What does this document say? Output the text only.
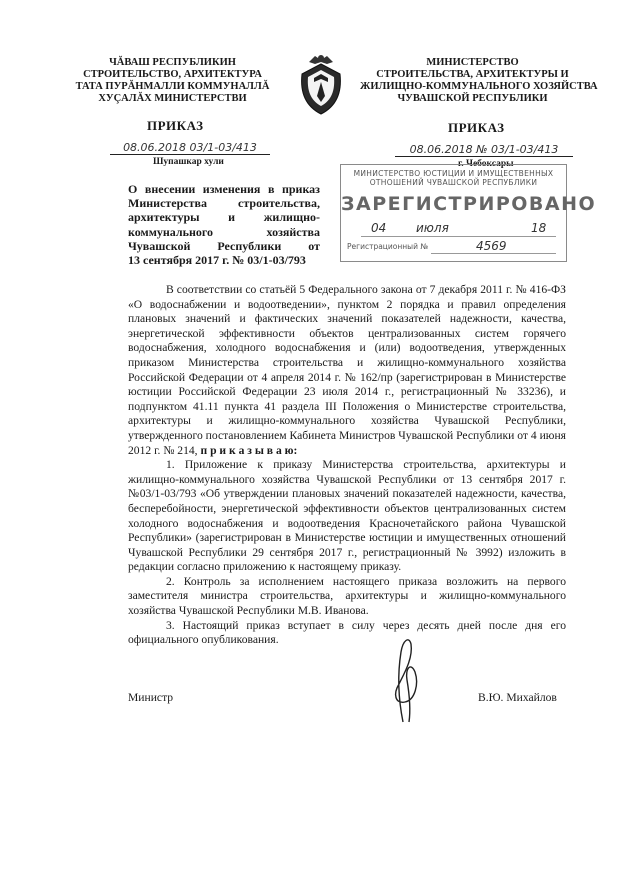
ЧĂВАШ РЕСПУБЛИКИН
СТРОИТЕЛЬСТВО, АРХИТЕКТУРА
ТАТА ПУРĂНМАЛЛИ КОММУНАЛЛĂ
ХУÇАЛĂХ МИНИСТЕРСТВИ
ПРИКАЗ
08.06.2018 03/1-03/413
Шупашкар хули
МИНИСТЕРСТВО
СТРОИТЕЛЬСТВА, АРХИТЕКТУРЫ И
ЖИЛИЩНО-КОММУНАЛЬНОГО ХОЗЯЙСТВА
ЧУВАШСКОЙ РЕСПУБЛИКИ
ПРИКАЗ
08.06.2018 № 03/1-03/413
г. Чебоксары
О внесении изменения в приказ
Министерства строительства,
архитектуры и жилищно-
коммунального хозяйства
Чувашской Республики от
13 сентября 2017 г. № 03/1-03/793
МИНИСТЕРСТВО ЮСТИЦИИ И ИМУЩЕСТВЕННЫХ
ОТНОШЕНИЙ ЧУВАШСКОЙ РЕСПУБЛИКИ
ЗАРЕГИСТРИРОВАНО
04 июля	18
Регистрационный №	4569

В соответствии со статьёй 5 Федерального закона от 7 декабря 2011 г. № 416-ФЗ «О водоснабжении и водоотведении», пунктом 2 порядка и правил определения плановых значений и фактических значений показателей надежности, качества, энергетической эффективности объектов централизованных систем горячего водоснабжения, холодного водоснабжения и (или) водоотведения, утвержденных приказом Министерства строительства и жилищно-коммунального хозяйства Российской Федерации от 4 апреля 2014 г. № 162/пр (зарегистрирован в Министерстве юстиции Российской Федерации 23 июля 2014 г., регистрационный № 33236), и подпунктом 41.11 пункта 41 раздела III Положения о Министерстве строительства, архитектуры и жилищно-коммунального хозяйства Чувашской Республики, утвержденного постановлением Кабинета Министров Чувашской Республики от 4 июня 2012 г. № 214, п р и к а з ы в а ю:

1. Приложение к приказу Министерства строительства, архитектуры и жилищно-коммунального хозяйства Чувашской Республики от 13 сентября 2017 г. №03/1-03/793 «Об утверждении плановых значений показателей надежности, качества, бесперебойности, энергетической эффективности объектов централизованных систем холодного водоснабжения и водоотведения Красночетайского района Чувашской Республики» (зарегистрирован в Министерстве юстиции и имущественных отношений Чувашской Республики 29 сентября 2017 г., регистрационный № 3992) изложить в редакции согласно приложению к настоящему приказу.

2. Контроль за исполнением настоящего приказа возложить на первого заместителя министра строительства, архитектуры и жилищно-коммунального хозяйства Чувашской Республики М.В. Иванова.

3. Настоящий приказ вступает в силу через десять дней после дня его официального опубликования.

Министр	В.Ю. Михайлов
